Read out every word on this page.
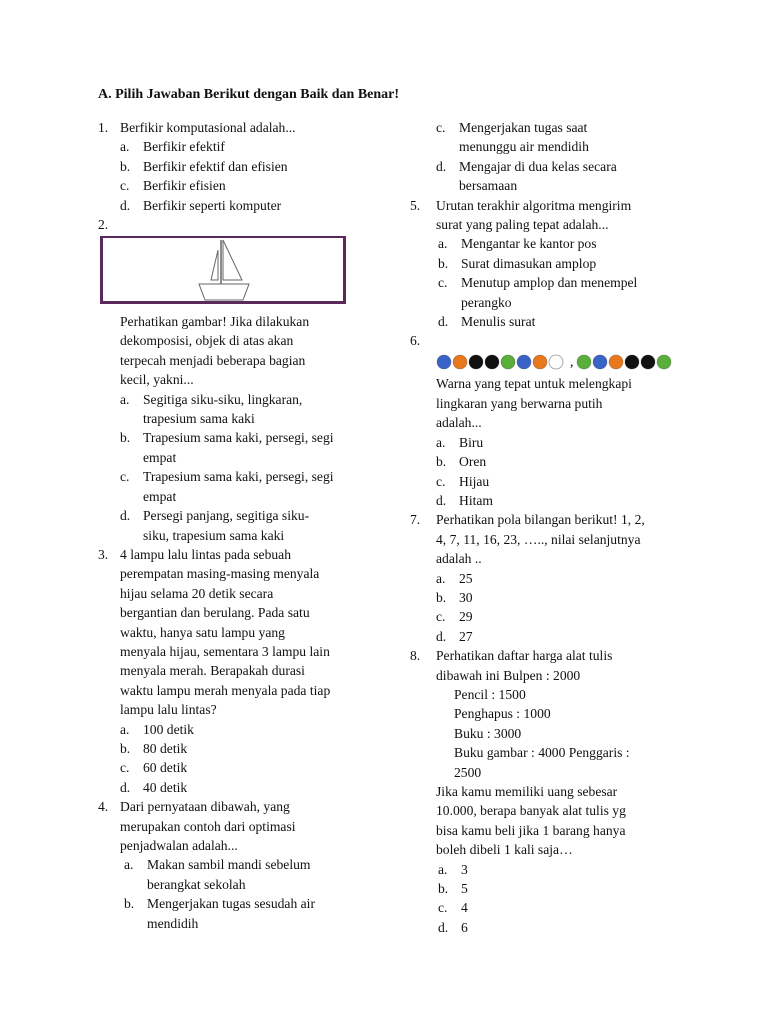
A. Pilih Jawaban Berikut dengan Baik dan Benar!
1. Berfikir komputasional adalah...
a. Berfikir efektif
b. Berfikir efektif dan efisien
c. Berfikir efisien
d. Berfikir seperti komputer
2.
Perhatikan gambar! Jika dilakukan
dekomposisi, objek di atas akan
terpecah menjadi beberapa bagian
kecil, yakni...
a. Segitiga siku-siku, lingkaran,
trapesium sama kaki
b. Trapesium sama kaki, persegi, segi
empat
c. Trapesium sama kaki, persegi, segi
empat
d. Persegi panjang, segitiga siku-
siku, trapesium sama kaki
3. 4 lampu lalu lintas pada sebuah
perempatan masing-masing menyala
hijau selama 20 detik secara
bergantian dan berulang. Pada satu
waktu, hanya satu lampu yang
menyala hijau, sementara 3 lampu lain
menyala merah. Berapakah durasi
waktu lampu merah menyala pada tiap
lampu lalu lintas?
a. 100 detik
b. 80 detik
c. 60 detik
d. 40 detik
4. Dari pernyataan dibawah, yang
merupakan contoh dari optimasi
penjadwalan adalah...
a. Makan sambil mandi sebelum
berangkat sekolah
b. Mengerjakan tugas sesudah air
mendidih
c. Mengerjakan tugas saat
menunggu air mendidih
d. Mengajar di dua kelas secara
bersamaan
5. Urutan terakhir algoritma mengirim
surat yang paling tepat adalah...
a. Mengantar ke kantor pos
b. Surat dimasukan amplop
c. Menutup amplop dan menempel
perangko
d. Menulis surat
6.
,
Warna yang tepat untuk melengkapi
lingkaran yang berwarna putih
adalah...
a. Biru
b. Oren
c. Hijau
d. Hitam
7. Perhatikan pola bilangan berikut! 1, 2,
4, 7, 11, 16, 23, ….., nilai selanjutnya
adalah ..
a. 25
b. 30
c. 29
d. 27
8. Perhatikan daftar harga alat tulis
dibawah ini Bulpen : 2000
Pencil : 1500
Penghapus : 1000
Buku : 3000
Buku gambar : 4000 Penggaris :
2500
Jika kamu memiliki uang sebesar
10.000, berapa banyak alat tulis yg
bisa kamu beli jika 1 barang hanya
boleh dibeli 1 kali saja…
a. 3
b. 5
c. 4
d. 6
